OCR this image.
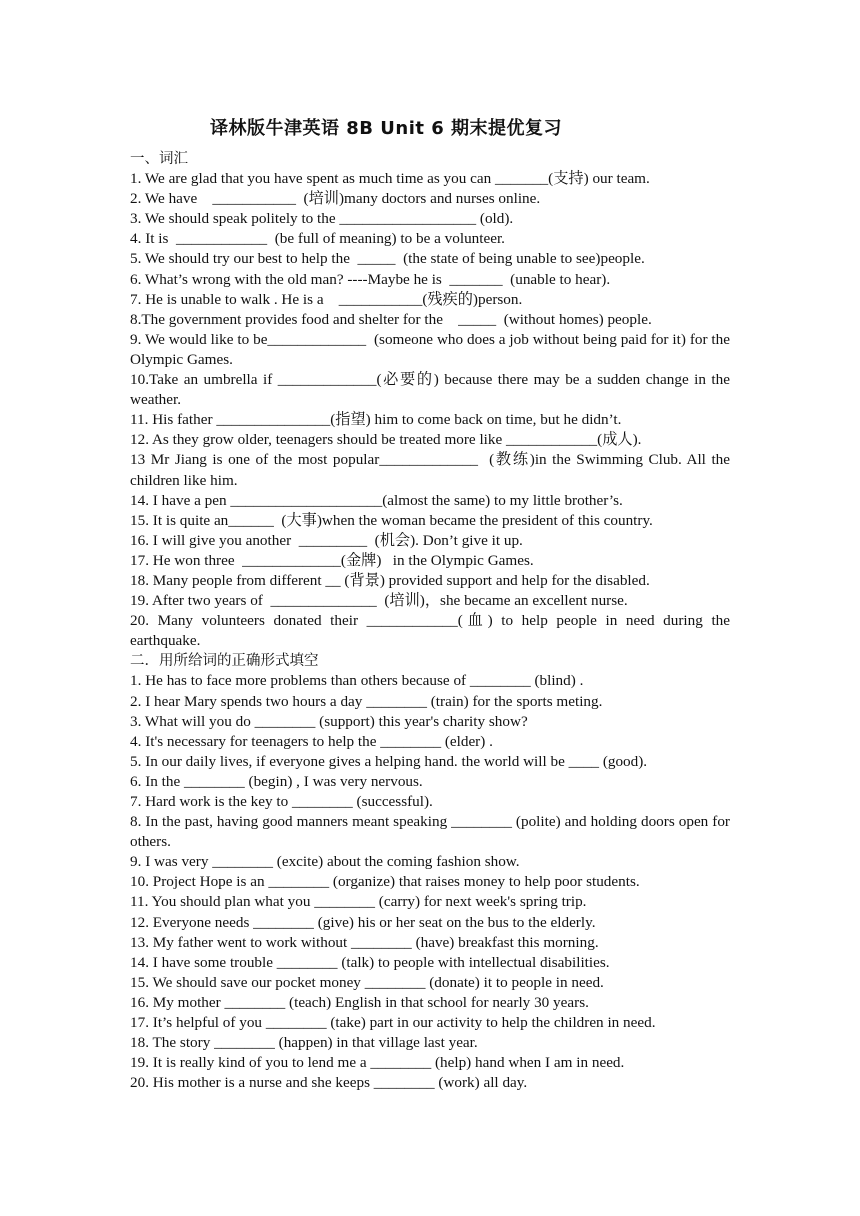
译林版牛津英语 8B Unit 6 期末提优复习
一、词汇
1. We are glad that you have spent as much time as you can _______(支持) our team.
2. We have    ___________  (培训)many doctors and nurses online.
3. We should speak politely to the __________________ (old).
4. It is  ____________  (be full of meaning) to be a volunteer.
5. We should try our best to help the  _____  (the state of being unable to see)people.
6. What’s wrong with the old man? ----Maybe he is  _______  (unable to hear).
7. He is unable to walk . He is a    ___________(残疾的)person.
8.The government provides food and shelter for the    _____  (without homes) people.
9. We would like to be_____________  (someone who does a job without being paid for it) for the Olympic Games.
10.Take an umbrella if _____________(必要的) because there may be a sudden change in the weather.
11. His father _______________(指望) him to come back on time, but he didn’t.
12. As they grow older, teenagers should be treated more like ____________(成人).
13 Mr Jiang is one of the most popular_____________  (教练)in the Swimming Club. All the children like him.
14. I have a pen ____________________(almost the same) to my little brother’s.
15. It is quite an______  (大事)when the woman became the president of this country.
16. I will give you another  _________  (机会). Don’t give it up.
17. He won three  _____________(金牌)   in the Olympic Games.
18. Many people from different __ (背景) provided support and help for the disabled.
19. After two years of  ______________  (培训)，she became an excellent nurse.
20. Many volunteers donated their ____________(血) to help people in need during the earthquake.
二．用所给词的正确形式填空
1. He has to face more problems than others because of ________ (blind) .
2. I hear Mary spends two hours a day ________ (train) for the sports meting.
3. What will you do ________ (support) this year's charity show?
4. It's necessary for teenagers to help the ________ (elder) .
5. In our daily lives, if everyone gives a helping hand. the world will be ____ (good).
6. In the ________ (begin) , I was very nervous.
7. Hard work is the key to ________ (successful).
8. In the past, having good manners meant speaking ________ (polite) and holding doors open for others.
9. I was very ________ (excite) about the coming fashion show.
10. Project Hope is an ________ (organize) that raises money to help poor students.
11. You should plan what you ________ (carry) for next week's spring trip.
12. Everyone needs ________ (give) his or her seat on the bus to the elderly.
13. My father went to work without ________ (have) breakfast this morning.
14. I have some trouble ________ (talk) to people with intellectual disabilities.
15. We should save our pocket money ________ (donate) it to people in need.
16. My mother ________ (teach) English in that school for nearly 30 years.
17. It’s helpful of you ________ (take) part in our activity to help the children in need.
18. The story ________ (happen) in that village last year.
19. It is really kind of you to lend me a ________ (help) hand when I am in need.
20. His mother is a nurse and she keeps ________ (work) all day.
